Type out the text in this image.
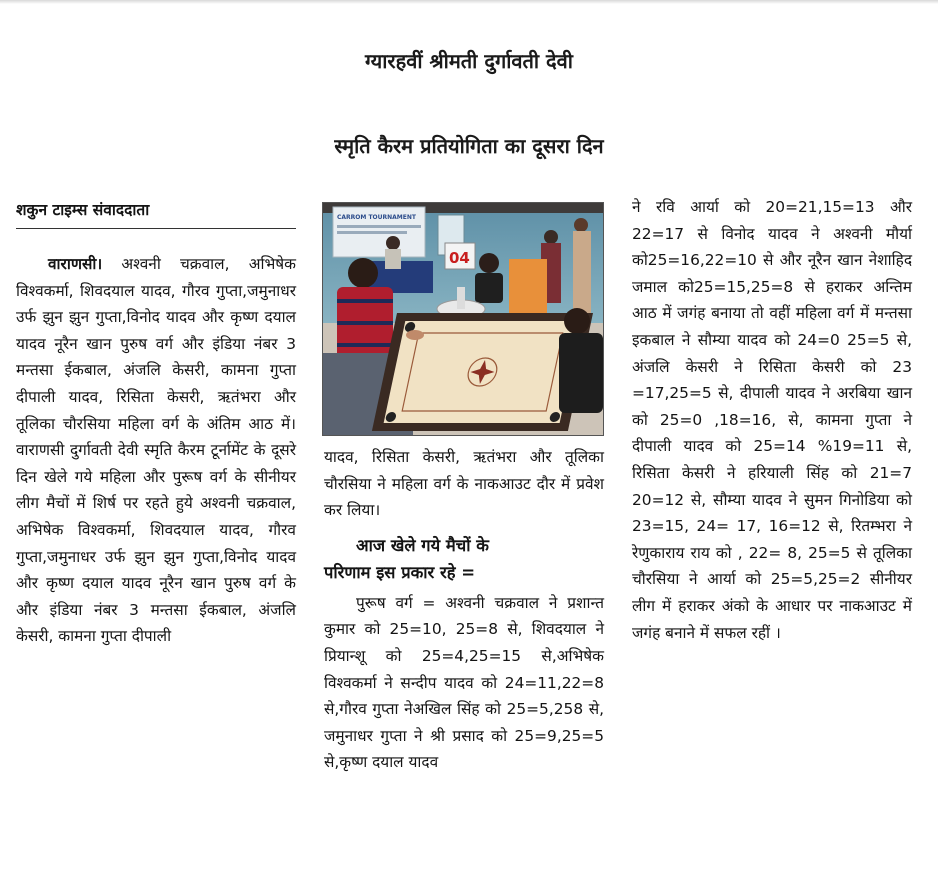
ग्यारहवीं श्रीमती दुर्गावती देवी
स्मृति कैरम प्रतियोगिता का दूसरा दिन
शकुन टाइम्स संवाददाता

वाराणसी। अश्वनी चक्रवाल, अभिषेक विश्वकर्मा, शिवदयाल यादव, गौरव गुप्ता,जमुनाधर उर्फ झुन झुन गुप्ता,विनोद यादव और कृष्ण दयाल यादव नूरैन खान पुरुष वर्ग और इंडिया नंबर 3 मन्तसा ईकबाल, अंजलि केसरी, कामना गुप्ता दीपाली यादव, रिसिता केसरी, ऋतंभरा और तूलिका चौरसिया महिला वर्ग के अंतिम आठ में। वाराणसी दुर्गावती देवी स्मृति कैरम टूर्नामेंट के दूसरे दिन खेले गये महिला और पुरूष वर्ग के सीनीयर लीग मैचों में शिर्ष पर रहते हुये अश्वनी चक्रवाल, अभिषेक विश्वकर्मा, शिवदयाल यादव, गौरव गुप्ता,जमुनाधर उर्फ झुन झुन गुप्ता,विनोद यादव और कृष्ण दयाल यादव नूरैन खान पुरुष वर्ग के और इंडिया नंबर 3 मन्तसा ईकबाल, अंजलि केसरी, कामना गुप्ता दीपाली

CARROM TOURNAMENT
04

यादव, रिसिता केसरी, ऋतंभरा और तूलिका चौरसिया ने महिला वर्ग के नाकआउट दौर में प्रवेश कर लिया।

आज खेले गये मैचों के
परिणाम इस प्रकार रहे =

पुरूष वर्ग = अश्वनी चक्रवाल ने प्रशान्त कुमार को 25=10, 25=8 से, शिवदयाल ने प्रियान्शू को 25=4,25=15 से,अभिषेक विश्वकर्मा ने सन्दीप यादव को 24=11,22=8 से,गौरव गुप्ता नेअखिल सिंह को 25=5,258 से, जमुनाधर गुप्ता ने श्री प्रसाद को 25=9,25=5 से,कृष्ण दयाल यादव

ने रवि आर्या को 20=21,15=13 और 22=17 से विनोद यादव ने अश्वनी मौर्या को25=16,22=10 से और नूरैन खान नेशाहिद जमाल को25=15,25=8 से हराकर अन्तिम आठ में जगंह बनाया तो वहीं महिला वर्ग में मन्तसा इकबाल ने सौम्या यादव को 24=0 25=5 से, अंजलि केसरी ने रिसिता केसरी को 23 =17,25=5 से, दीपाली यादव ने अरबिया खान को 25=0 ,18=16, से, कामना गुप्ता ने दीपाली यादव को 25=14 %19=11 से, रिसिता केसरी ने हरियाली सिंह को 21=7 20=12 से, सौम्या यादव ने सुमन गिनोडिया को 23=15, 24= 17, 16=12 से, रितम्भरा ने रेणुकाराय राय को , 22= 8, 25=5 से तूलिका चौरसिया ने आर्या को 25=5,25=2 सीनीयर लीग में हराकर अंको के आधार पर नाकआउट में जगंह बनाने में सफल रहीं ।
